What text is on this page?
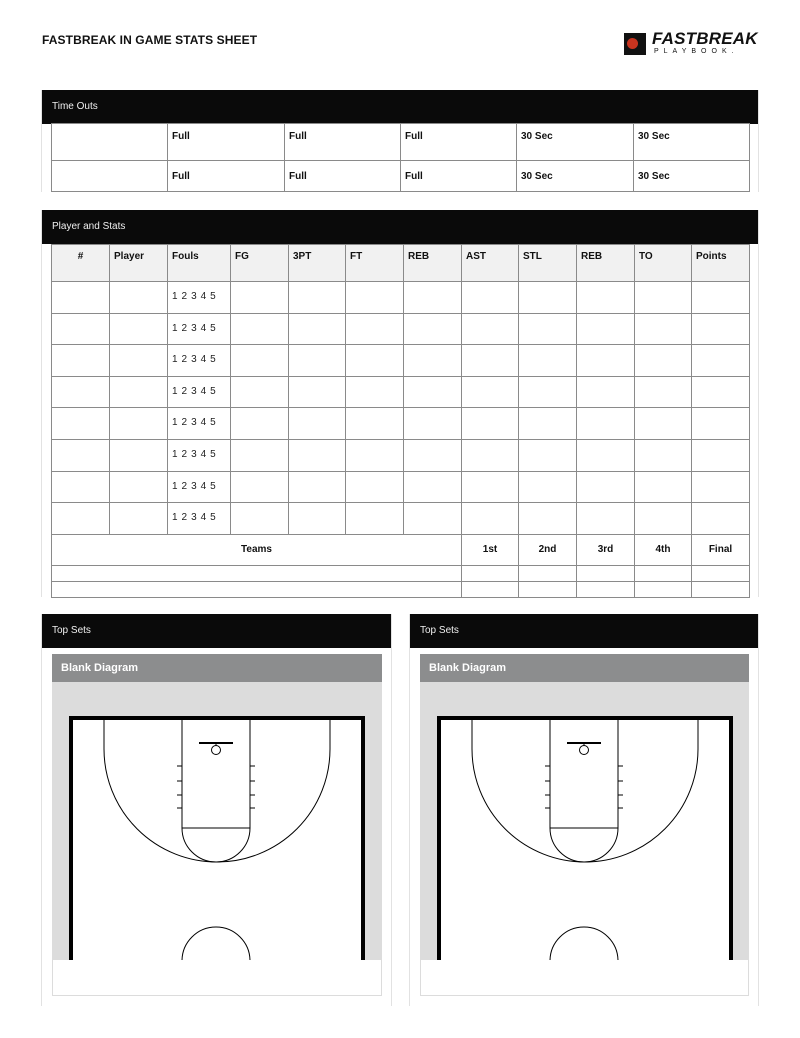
FASTBREAK IN GAME STATS SHEET	FASTBREAK
PLAYBOOK.
Time Outs
	Full	Full	Full	30 Sec	30 Sec
	Full	Full	Full	30 Sec	30 Sec
Player and Stats
#	Player	Fouls	FG	3PT	FT	REB	AST	STL	REB	TO	Points
		1 2 3 4 5									
		1 2 3 4 5									
		1 2 3 4 5									
		1 2 3 4 5									
		1 2 3 4 5									
		1 2 3 4 5									
		1 2 3 4 5									
		1 2 3 4 5									
Teams							1st	2nd	3rd	4th	Final

Top Sets
Blank Diagram
Top Sets
Blank Diagram
